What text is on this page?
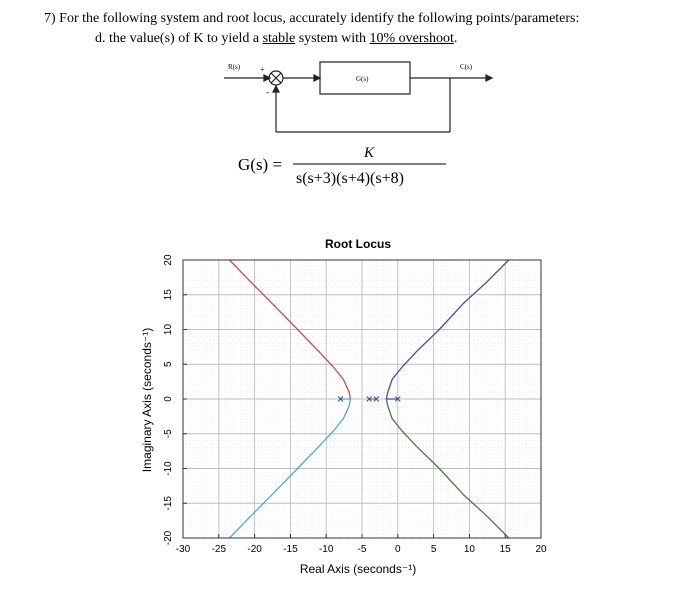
7) For the following system and root locus, accurately identify the following points/parameters:
d. the value(s) of K to yield a stable system with 10% overshoot.
R(s) +
-
G(s)
C(s)
G(s) =
K
s(s+3)(s+4)(s+8)
Root Locus
Real Axis (seconds⁻¹)
Imaginary Axis (seconds⁻¹)
-30 -25 -20 -15 -10 -5	0	5	10 15 20
-20
-15
-10
-5
0
5
10
15
20
